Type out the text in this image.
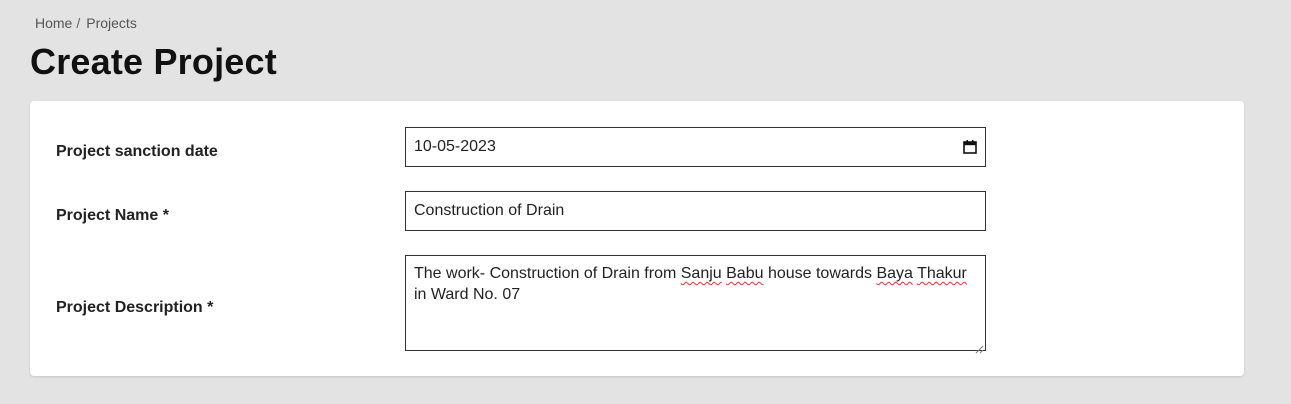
Home / Projects
Create Project
Project sanction date	10-05-2023
Project Name *	Construction of Drain
Project Description *
The work- Construction of Drain from Sanju Babu house towards Baya Thakur in Ward No. 07
